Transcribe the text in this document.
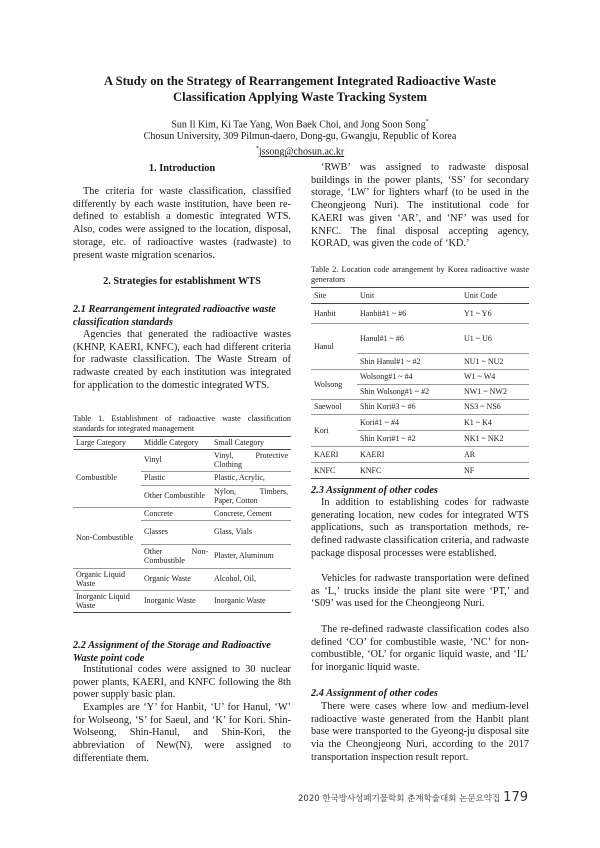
A Study on the Strategy of Rearrangement Integrated Radioactive Waste
Classification Applying Waste Tracking System
Sun Il Kim, Ki Tae Yang, Won Baek Choi, and Jong Soon Song*
Chosun University, 309 Pilmun-daero, Dong-gu, Gwangju, Republic of Korea
*jssong@chosun.ac.kr
1. Introduction

The criteria for waste classification, classified differently by each waste institution, have been re-defined to establish a domestic integrated WTS. Also, codes were assigned to the location, disposal, storage, etc. of radioactive wastes (radwaste) to present waste migration scenarios.

2. Strategies for establishment WTS
2.1 Rearrangement integrated radioactive waste classification standards

Agencies that generated the radioactive wastes (KHNP, KAERI, KNFC), each had different criteria for radwaste classification. The Waste Stream of radwaste created by each institution was integrated for application to the domestic integrated WTS.

Table 1. Establishment of radioactive waste classification standards for integrated management
Large Category	Middle Category	Small Category
Combustible	Vinyl	Vinyl, Protective Clothing
	Plastic	Plastic, Acrylic,
	Other Combustible	Nylon, Timbers, Paper, Cotton
Non-Combustible	Concrete	Concrete, Cement
	Classes	Glass, Vials
	Other Non-Combustible	Plaster, Aluminum
Organic Liquid Waste	Organic Waste	Alcohol, Oil,
Inorganic Liquid Waste	Inorganic Waste	Inorganic Waste
2.2 Assignment of the Storage and Radioactive Waste point code

Institutional codes were assigned to 30 nuclear power plants, KAERI, and KNFC following the 8th power supply basic plan.

Examples are ‘Y’ for Hanbit, ‘U’ for Hanul, ‘W’ for Wolseong, ‘S’ for Saeul, and ‘K’ for Kori. Shin-Wolseong, Shin-Hanul, and Shin-Kori, the abbreviation of New(N), were assigned to differentiate them.

‘RWB’ was assigned to radwaste disposal buildings in the power plants, ‘SS’ for secondary storage, ‘LW’ for lighters wharf (to be used in the Cheongjeong Nuri). The institutional code for KAERI was given ‘AR’, and ‘NF’ was used for KNFC. The final disposal accepting agency, KORAD, was given the code of ‘KD.’

Table 2. Location code arrangement by Korea radioactive waste generators
Site	Unit	Unit Code
Hanbit	Hanbit#1 ~ #6	Y1 ~ Y6
Hanul	Hanul#1 ~ #6	U1 ~ U6
	Shin Hanul#1 ~ #2	NU1 ~ NU2
Wolsong	Wolsong#1 ~ #4	W1 ~ W4
	Shin Wolsong#1 ~ #2	NW1 ~ NW2
Saewool	Shin Kori#3 ~ #6	NS3 ~ NS6
Kori	Kori#1 ~ #4	K1 ~ K4
	Shin Kori#1 ~ #2	NK1 ~ NK2
KAERI	KAERI	AR
KNFC	KNFC	NF
2.3 Assignment of other codes

In addition to establishing codes for radwaste generating location, new codes for integrated WTS applications, such as transportation methods, re-defined radwaste classification criteria, and radwaste package disposal processes were established.

Vehicles for radwaste transportation were defined as ‘L,’ trucks inside the plant site were ‘PT,’ and ‘S09’ was used for the Cheongjeong Nuri.

The re-defined radwaste classification codes also defined ‘CO’ for combustible waste, ‘NC’ for non-combustible, ‘OL’ for organic liquid waste, and ‘IL’ for inorganic liquid waste.

2.4 Assignment of other codes

There were cases where low and medium-level radioactive waste generated from the Hanbit plant base were transported to the Gyeong-ju disposal site via the Cheongjeong Nuri, according to the 2017 transportation inspection result report.

2020 한국방사성폐기물학회 춘계학술대회 논문요약집 179
